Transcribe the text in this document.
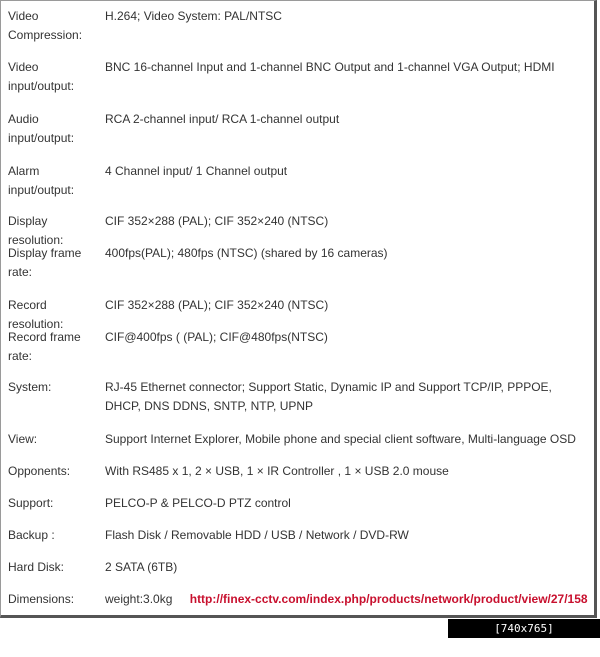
Video Compression:
H.264; Video System: PAL/NTSC
Video input/output:
BNC 16-channel Input and 1-channel BNC Output and 1-channel VGA Output; HDMI
Audio input/output:
RCA 2-channel input/ RCA 1-channel output
Alarm input/output:
4 Channel input/ 1 Channel output
Display resolution:
CIF 352×288 (PAL); CIF 352×240 (NTSC)
Display frame rate:
400fps(PAL); 480fps (NTSC) (shared by 16 cameras)
Record resolution:
CIF 352×288 (PAL); CIF 352×240 (NTSC)
Record frame rate:
CIF@400fps ( (PAL); CIF@480fps(NTSC)
System:	RJ-45 Ethernet connector; Support Static, Dynamic IP and Support TCP/IP, PPPOE, DHCP, DNS DDNS, SNTP, NTP, UPNP
View:	Support Internet Explorer, Mobile phone and special client software, Multi-language OSD
Opponents:	With RS485 x 1, 2 × USB, 1 × IR Controller , 1 × USB 2.0 mouse
Support:	PELCO-P & PELCO-D PTZ control
Backup :	Flash Disk / Removable HDD / USB / Network / DVD-RW
Hard Disk:	2 SATA (6TB)
Dimensions:	weight:3.0kg http://finex-cctv.com/index.php/products/network/product/view/27/158
[740x765] http://upic.me/
